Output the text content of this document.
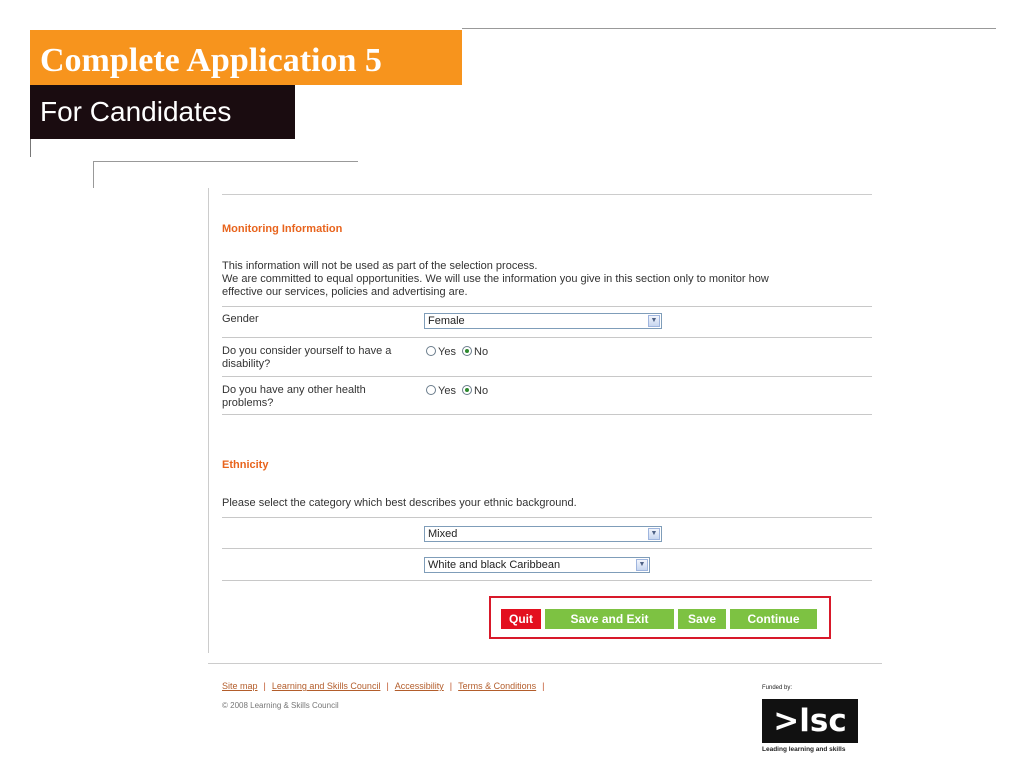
Complete Application 5
For Candidates
Monitoring Information
This information will not be used as part of the selection process.
We are committed to equal opportunities. We will use the information you give in this section only to monitor how
effective our services, policies and advertising are.
Gender	Female	▼
Do you consider yourself to have a disability?
Yes No
Do you have any other health problems?
Yes No
Ethnicity
Please select the category which best describes your ethnic background.
Mixed	▼
White and black Caribbean	▼
Quit	Save and Exit	Save	Continue
Site map | Learning and Skills Council | Accessibility | Terms & Conditions |
© 2008 Learning & Skills Council
Funded by:
>lsc
Leading learning and skills
